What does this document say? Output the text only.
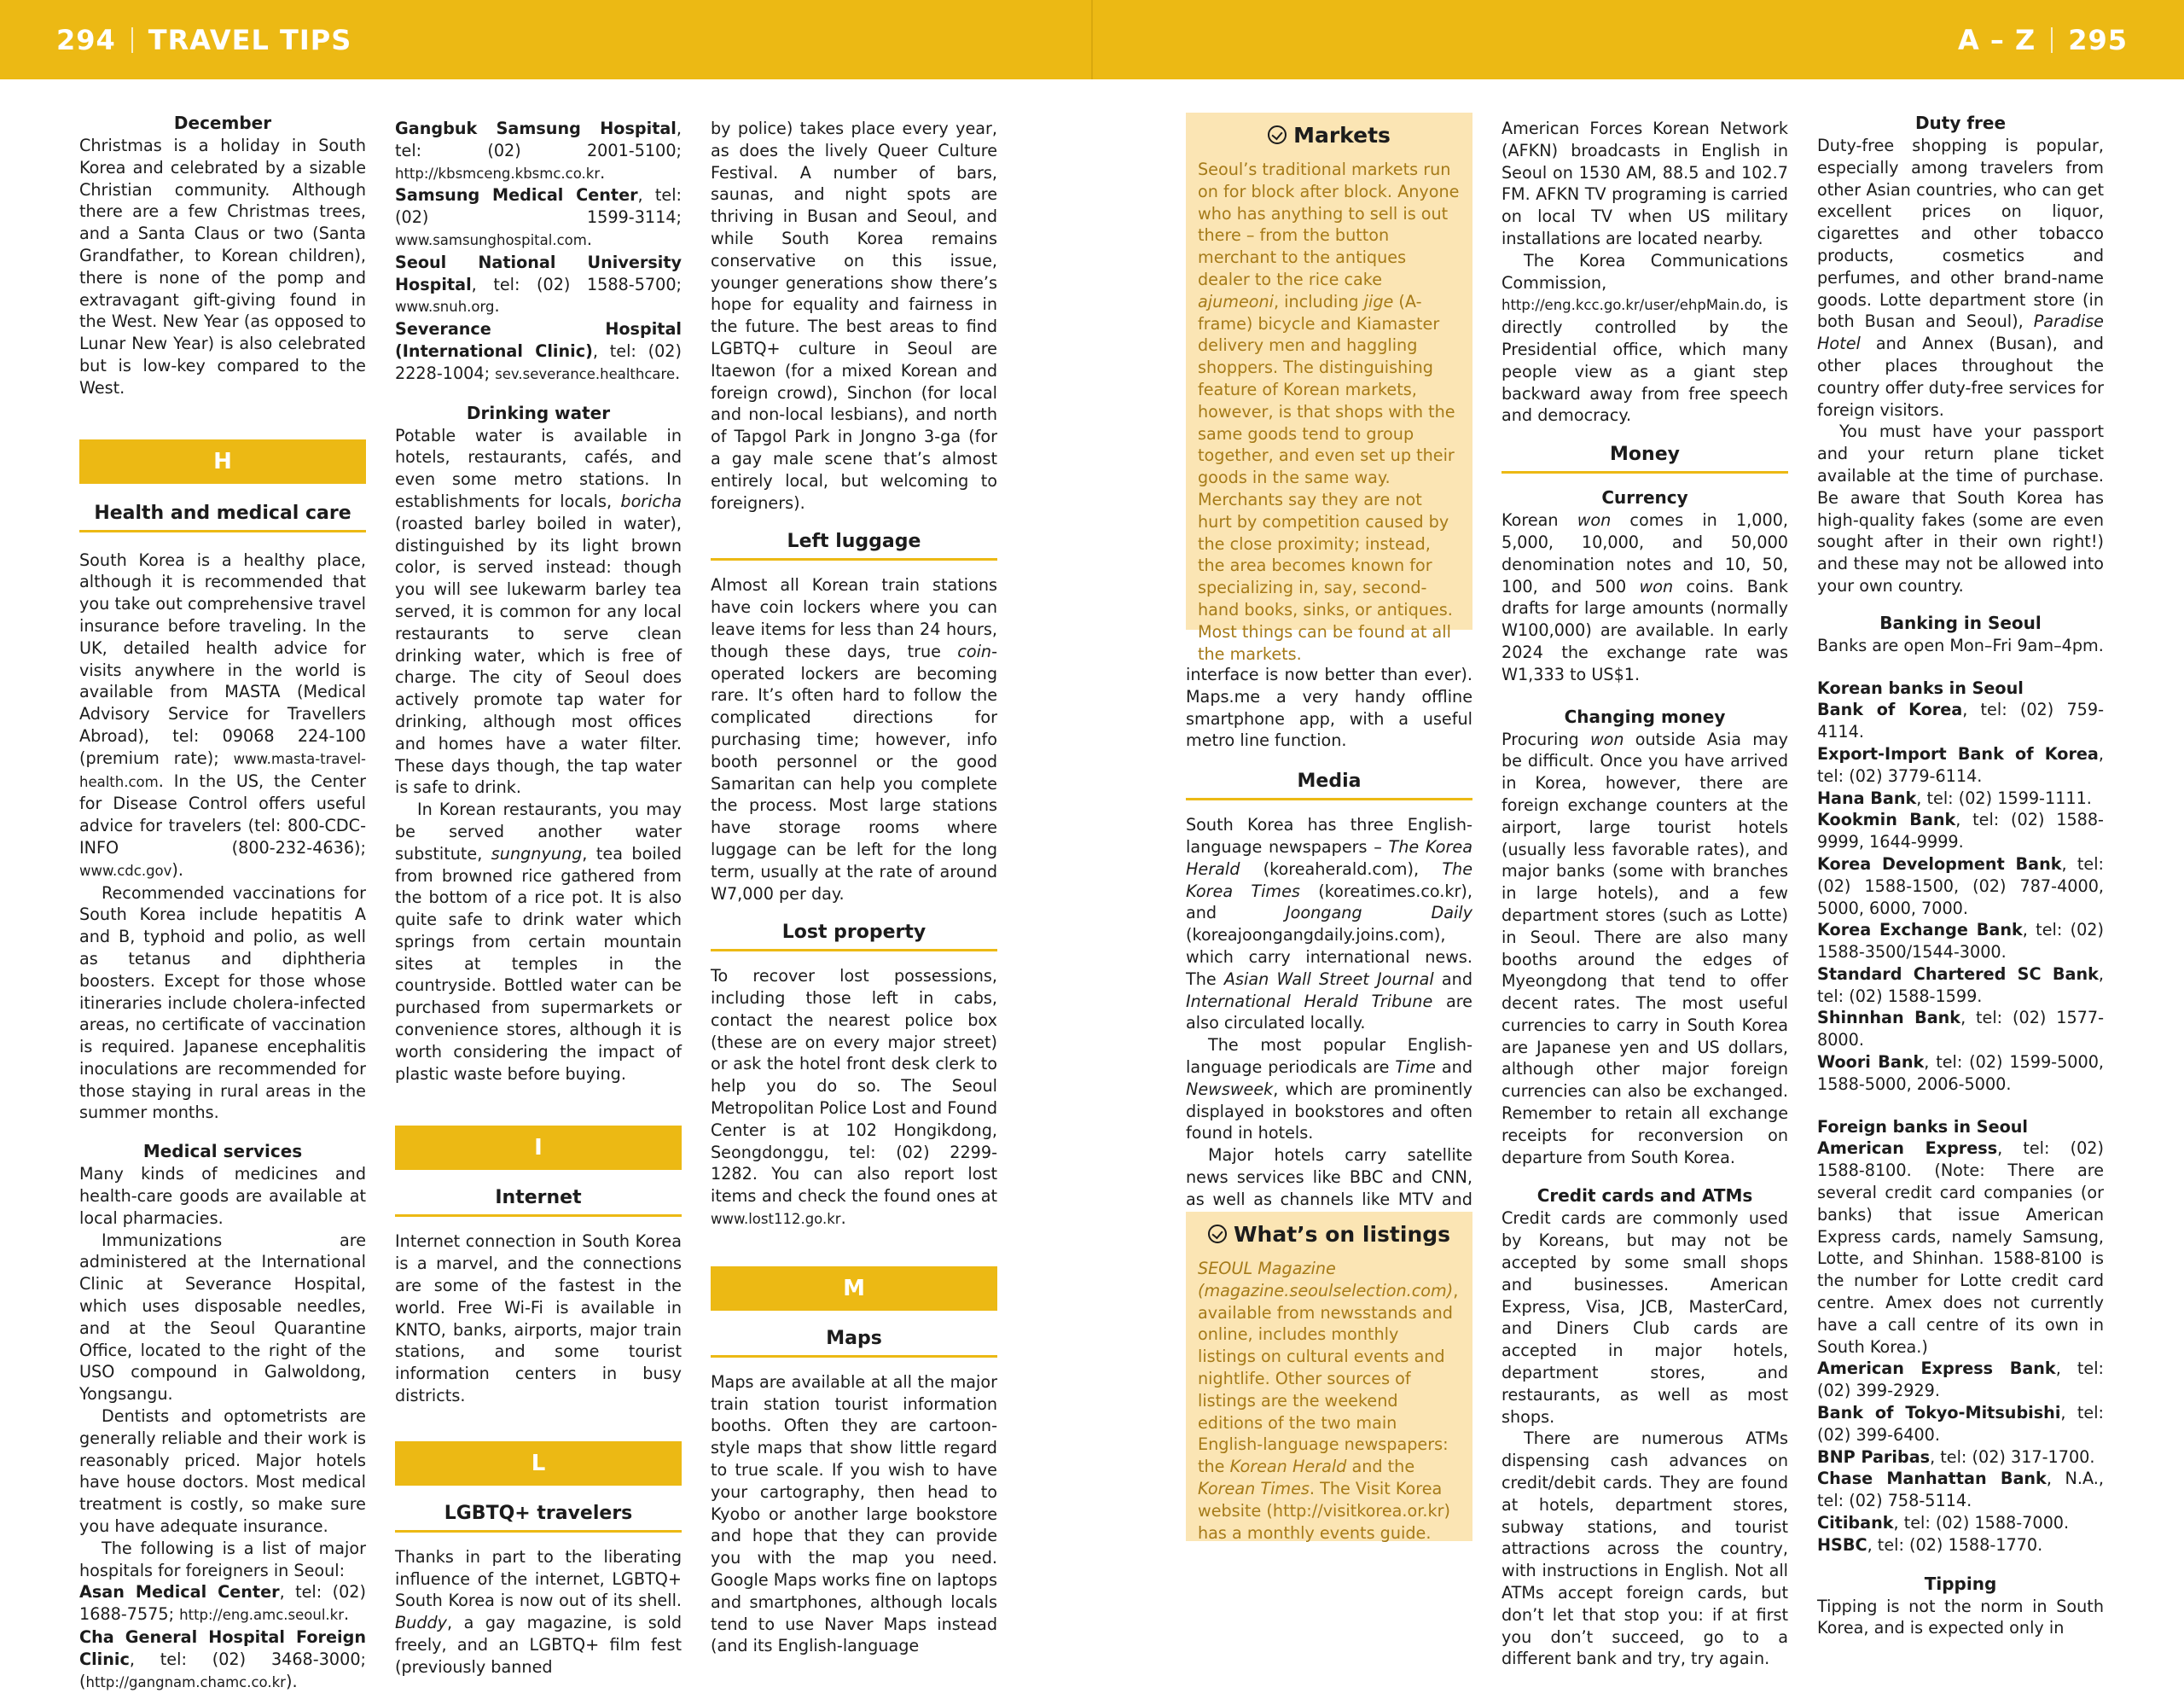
294 TRAVEL TIPS	A – Z 295
December

Christmas is a holiday in South Korea and celebrated by a sizable Christian community. Although there are a few Christmas trees, and a Santa Claus or two (Santa Grandfather, to Korean children), there is none of the pomp and extravagant gift-giving found in the West. New Year (as opposed to Lunar New Year) is also celebrated but is low-key compared to the West.

H
Health and medical care

South Korea is a healthy place, although it is recommended that you take out comprehensive travel insurance before traveling. In the UK, detailed health advice for visits anywhere in the world is available from MASTA (Medical Advisory Service for Travellers Abroad), tel: 09068 224-100 (premium rate); www.masta-travel-health.com. In the US, the Center for Disease Control offers useful advice for travelers (tel: 800-CDC-INFO (800-232-4636); www.cdc.gov).

Recommended vaccinations for South Korea include hepatitis A and B, typhoid and polio, as well as tetanus and diphtheria boosters. Except for those whose itineraries include cholera-infected areas, no certificate of vaccination is required. Japanese encephalitis inoculations are recommended for those staying in rural areas in the summer months.

Medical services

Many kinds of medicines and health-care goods are available at local pharmacies.

Immunizations are administered at the International Clinic at Severance Hospital, which uses disposable needles, and at the Seoul Quarantine Office, located to the right of the USO compound in Galwoldong, Yongsangu.

Dentists and optometrists are generally reliable and their work is reasonably priced. Major hotels have house doctors. Most medical treatment is costly, so make sure you have adequate insurance.

The following is a list of major hospitals for foreigners in Seoul:

Asan Medical Center, tel: (02) 1688-7575; http://eng.amc.seoul.kr.

Cha General Hospital Foreign Clinic, tel: (02) 3468-3000; (http://gangnam.chamc.co.kr).

Gangbuk Samsung Hospital, tel: (02) 2001-5100; http://kbsmceng.kbsmc.co.kr.

Samsung Medical Center, tel: (02) 1599-3114; www.samsunghospital.com.

Seoul National University Hospital, tel: (02) 1588-5700; www.snuh.org.

Severance Hospital (International Clinic), tel: (02) 2228-1004; sev.severance.healthcare.

Drinking water

Potable water is available in hotels, restaurants, cafés, and even some metro stations. In establishments for locals, boricha (roasted barley boiled in water), distinguished by its light brown color, is served instead: though you will see lukewarm barley tea served, it is common for any local restaurants to serve clean drinking water, which is free of charge. The city of Seoul does actively promote tap water for drinking, although most offices and homes have a water filter. These days though, the tap water is safe to drink.

In Korean restaurants, you may be served another water substitute, sungnyung, tea boiled from browned rice gathered from the bottom of a rice pot. It is also quite safe to drink water which springs from certain mountain sites at temples in the countryside. Bottled water can be purchased from supermarkets or convenience stores, although it is worth considering the impact of plastic waste before buying.

I
Internet

Internet connection in South Korea is a marvel, and the connections are some of the fastest in the world. Free Wi-Fi is available in KNTO, banks, airports, major train stations, and some tourist information centers in busy districts.

L
LGBTQ+ travelers

Thanks in part to the liberating influence of the internet, LGBTQ+ South Korea is now out of its shell. Buddy, a gay magazine, is sold freely, and an LGBTQ+ film fest (previously banned

by police) takes place every year, as does the lively Queer Culture Festival. A number of bars, saunas, and night spots are thriving in Busan and Seoul, and while South Korea remains conservative on this issue, younger generations show there’s hope for equality and fairness in the future. The best areas to find LGBTQ+ culture in Seoul are Itaewon (for a mixed Korean and foreign crowd), Sinchon (for local and non-local lesbians), and north of Tapgol Park in Jongno 3-ga (for a gay male scene that’s almost entirely local, but welcoming to foreigners).

Left luggage

Almost all Korean train stations have coin lockers where you can leave items for less than 24 hours, though these days, true coin-operated lockers are becoming rare. It’s often hard to follow the complicated directions for purchasing time; however, info booth personnel or the good Samaritan can help you complete the process. Most large stations have storage rooms where luggage can be left for the long term, usually at the rate of around W7,000 per day.

Lost property

To recover lost possessions, including those left in cabs, contact the nearest police box (these are on every major street) or ask the hotel front desk clerk to help you do so. The Seoul Metropolitan Police Lost and Found Center is at 102 Hongikdong, Seongdonggu, tel: (02) 2299-1282. You can also report lost items and check the found ones at www.lost112.go.kr.

M
Maps

Maps are available at all the major train station tourist information booths. Often they are cartoon-style maps that show little regard to true scale. If you wish to have your cartography, then head to Kyobo or another large bookstore and hope that they can provide you with the map you need. Google Maps works fine on laptops and smartphones, although locals tend to use Naver Maps instead (and its English-language

Markets

Seoul’s traditional markets run on for block after block. Anyone who has anything to sell is out there – from the button merchant to the antiques dealer to the rice cake ajumeoni, including jige (A-frame) bicycle and Kiamaster delivery men and haggling shoppers. The distinguishing feature of Korean markets, however, is that shops with the same goods tend to group together, and even set up their goods in the same way. Merchants say they are not hurt by competition caused by the close proximity; instead, the area becomes known for specializing in, say, second-hand books, sinks, or antiques. Most things can be found at all the markets.

interface is now better than ever). Maps.me a very handy offline smartphone app, with a useful metro line function.

Media

South Korea has three English-language newspapers – The Korea Herald (koreaherald.com), The Korea Times (koreatimes.co.kr), and Joongang Daily (koreajoongangdaily.joins.com), which carry international news. The Asian Wall Street Journal and International Herald Tribune are also circulated locally.

The most popular English-language periodicals are Time and Newsweek, which are prominently displayed in bookstores and often found in hotels.

Major hotels carry satellite news services like BBC and CNN, as well as channels like MTV and

What’s on listings

SEOUL Magazine (magazine.seoulselection.com), available from newsstands and online, includes monthly listings on cultural events and nightlife. Other sources of listings are the weekend editions of the two main English-language newspapers: the Korean Herald and the Korean Times. The Visit Korea website (http://visitkorea.or.kr) has a monthly events guide.

American Forces Korean Network (AFKN) broadcasts in English in Seoul on 1530 AM, 88.5 and 102.7 FM. AFKN TV programing is carried on local TV when US military installations are located nearby.

The Korea Communications Commission, http://eng.kcc.go.kr/user/ehpMain.do, is directly controlled by the Presidential office, which many people view as a giant step backward away from free speech and democracy.

Money
Currency

Korean won comes in 1,000, 5,000, 10,000, and 50,000 denomination notes and 10, 50, 100, and 500 won coins. Bank drafts for large amounts (normally W100,000) are available. In early 2024 the exchange rate was W1,333 to US$1.

Changing money

Procuring won outside Asia may be difficult. Once you have arrived in Korea, however, there are foreign exchange counters at the airport, large tourist hotels (usually less favorable rates), and major banks (some with branches in large hotels), and a few department stores (such as Lotte) in Seoul. There are also many booths around the edges of Myeongdong that tend to offer decent rates. The most useful currencies to carry in South Korea are Japanese yen and US dollars, although other major foreign currencies can also be exchanged. Remember to retain all exchange receipts for reconversion on departure from South Korea.

Credit cards and ATMs

Credit cards are commonly used by Koreans, but may not be accepted by some small shops and businesses. American Express, Visa, JCB, MasterCard, and Diners Club cards are accepted in major hotels, department stores, and restaurants, as well as most shops.

There are numerous ATMs dispensing cash advances on credit/debit cards. They are found at hotels, department stores, subway stations, and tourist attractions across the country, with instructions in English. Not all ATMs accept foreign cards, but don’t let that stop you: if at first you don’t succeed, go to a different bank and try, try again.

Duty free

Duty-free shopping is popular, especially among travelers from other Asian countries, who can get excellent prices on liquor, cigarettes and other tobacco products, cosmetics and perfumes, and other brand-name goods. Lotte department store (in both Busan and Seoul), Paradise Hotel and Annex (Busan), and other places throughout the country offer duty-free services for foreign visitors.

You must have your passport and your return plane ticket available at the time of purchase. Be aware that South Korea has high-quality fakes (some are even sought after in their own right!) and these may not be allowed into your own country.

Banking in Seoul

Banks are open Mon–Fri 9am–4pm.

Korean banks in Seoul

Bank of Korea, tel: (02) 759-4114.

Export-Import Bank of Korea, tel: (02) 3779-6114.

Hana Bank, tel: (02) 1599-1111.

Kookmin Bank, tel: (02) 1588-9999, 1644-9999.

Korea Development Bank, tel: (02) 1588-1500, (02) 787-4000, 5000, 6000, 7000.

Korea Exchange Bank, tel: (02) 1588-3500/1544-3000.

Standard Chartered SC Bank, tel: (02) 1588-1599.

Shinnhan Bank, tel: (02) 1577-8000.

Woori Bank, tel: (02) 1599-5000, 1588-5000, 2006-5000.

Foreign banks in Seoul

American Express, tel: (02) 1588-8100. (Note: There are several credit card companies (or banks) that issue American Express cards, namely Samsung, Lotte, and Shinhan. 1588-8100 is the number for Lotte credit card centre. Amex does not currently have a call centre of its own in South Korea.)

American Express Bank, tel: (02) 399-2929.

Bank of Tokyo-Mitsubishi, tel: (02) 399-6400.

BNP Paribas, tel: (02) 317-1700.

Chase Manhattan Bank, N.A., tel: (02) 758-5114.

Citibank, tel: (02) 1588-7000.

HSBC, tel: (02) 1588-1770.

Tipping

Tipping is not the norm in South Korea, and is expected only in
